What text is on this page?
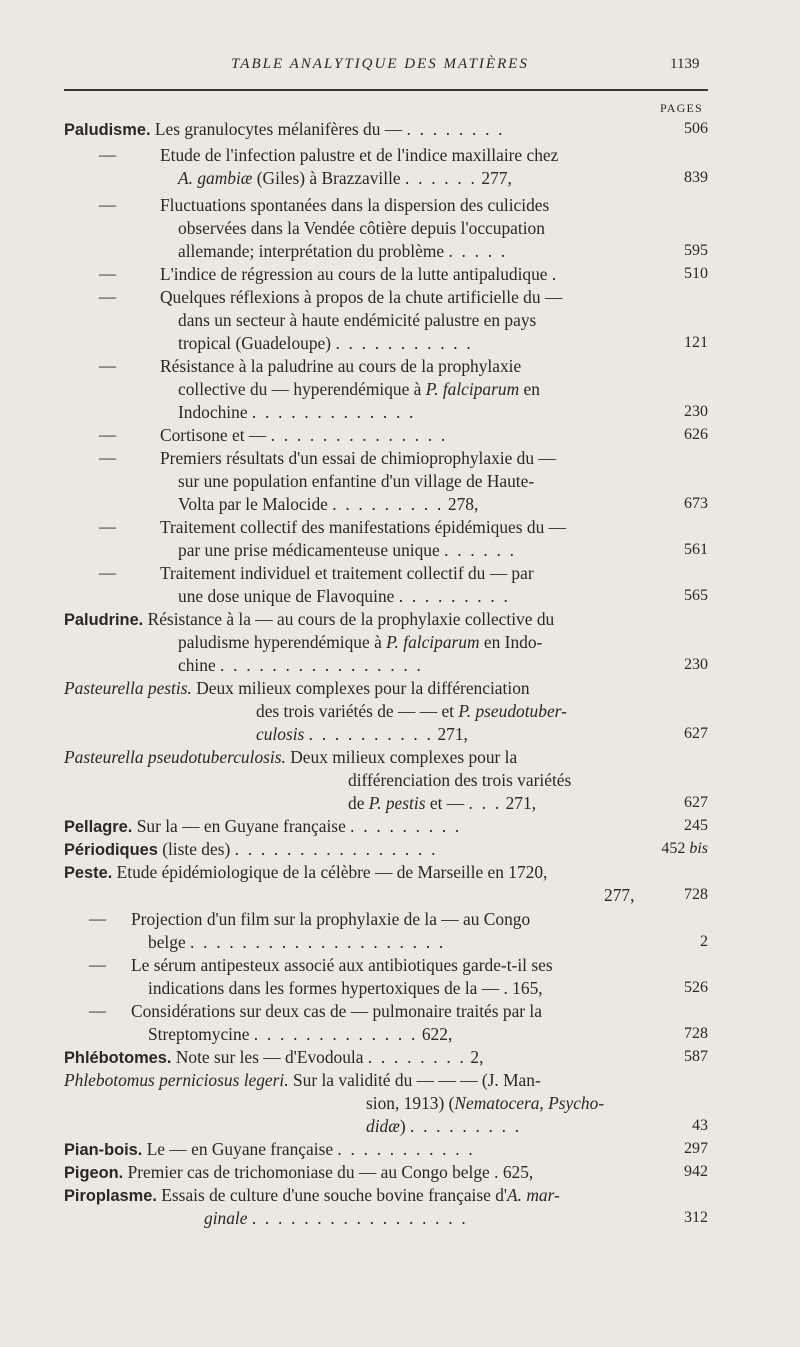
TABLE ANALYTIQUE DES MATIÈRES	1139
PAGES
Paludisme. Les granulocytes mélanifères du — . . . . . . . .	506
—	Etude de l'infection palustre et de l'indice maxillaire chez
A. gambiæ (Giles) à Brazzaville . . . . . . 277,	839
—	Fluctuations spontanées dans la dispersion des culicides
observées dans la Vendée côtière depuis l'occupation
allemande; interprétation du problème . . . . .	595
—	L'indice de régression au cours de la lutte antipaludique .	510
—	Quelques réflexions à propos de la chute artificielle du —
dans un secteur à haute endémicité palustre en pays
tropical (Guadeloupe) . . . . . . . . . . .	121
—	Résistance à la paludrine au cours de la prophylaxie
collective du — hyperendémique à P. falciparum en
Indochine . . . . . . . . . . . . .	230
—	Cortisone et — . . . . . . . . . . . . . .	626
—	Premiers résultats d'un essai de chimioprophylaxie du —
sur une population enfantine d'un village de Haute-
Volta par le Malocide . . . . . . . . . 278,	673
—	Traitement collectif des manifestations épidémiques du —
par une prise médicamenteuse unique . . . . . .	561
—	Traitement individuel et traitement collectif du — par
une dose unique de Flavoquine . . . . . . . . .	565
Paludrine. Résistance à la — au cours de la prophylaxie collective du
paludisme hyperendémique à P. falciparum en Indo-
chine . . . . . . . . . . . . . . . .	230
Pasteurella pestis. Deux milieux complexes pour la différenciation
des trois variétés de — — et P. pseudotuber-
culosis . . . . . . . . . . 271,	627
Pasteurella pseudotuberculosis. Deux milieux complexes pour la
différenciation des trois variétés
de P. pestis et — . . . 271,	627
Pellagre. Sur la — en Guyane française . . . . . . . . .	245
Périodiques (liste des) . . . . . . . . . . . . . . . .	452 bis
Peste. Etude épidémiologique de la célèbre — de Marseille en 1720,
277,	728
— Projection d'un film sur la prophylaxie de la — au Congo
belge . . . . . . . . . . . . . . . . . . . .	2
— Le sérum antipesteux associé aux antibiotiques garde-t-il ses
indications dans les formes hypertoxiques de la — . 165,	526
— Considérations sur deux cas de — pulmonaire traités par la
Streptomycine . . . . . . . . . . . . . 622,	728
Phlébotomes. Note sur les — d'Evodoula . . . . . . . . 2,	587
Phlebotomus perniciosus legeri. Sur la validité du — — — (J. Man-
sion, 1913) (Nematocera, Psycho-
didæ) . . . . . . . . .	43
Pian-bois. Le — en Guyane française . . . . . . . . . . .	297
Pigeon. Premier cas de trichomoniase du — au Congo belge . 625,	942
Piroplasme. Essais de culture d'une souche bovine française d'A. mar-
ginale . . . . . . . . . . . . . . . . .	312
